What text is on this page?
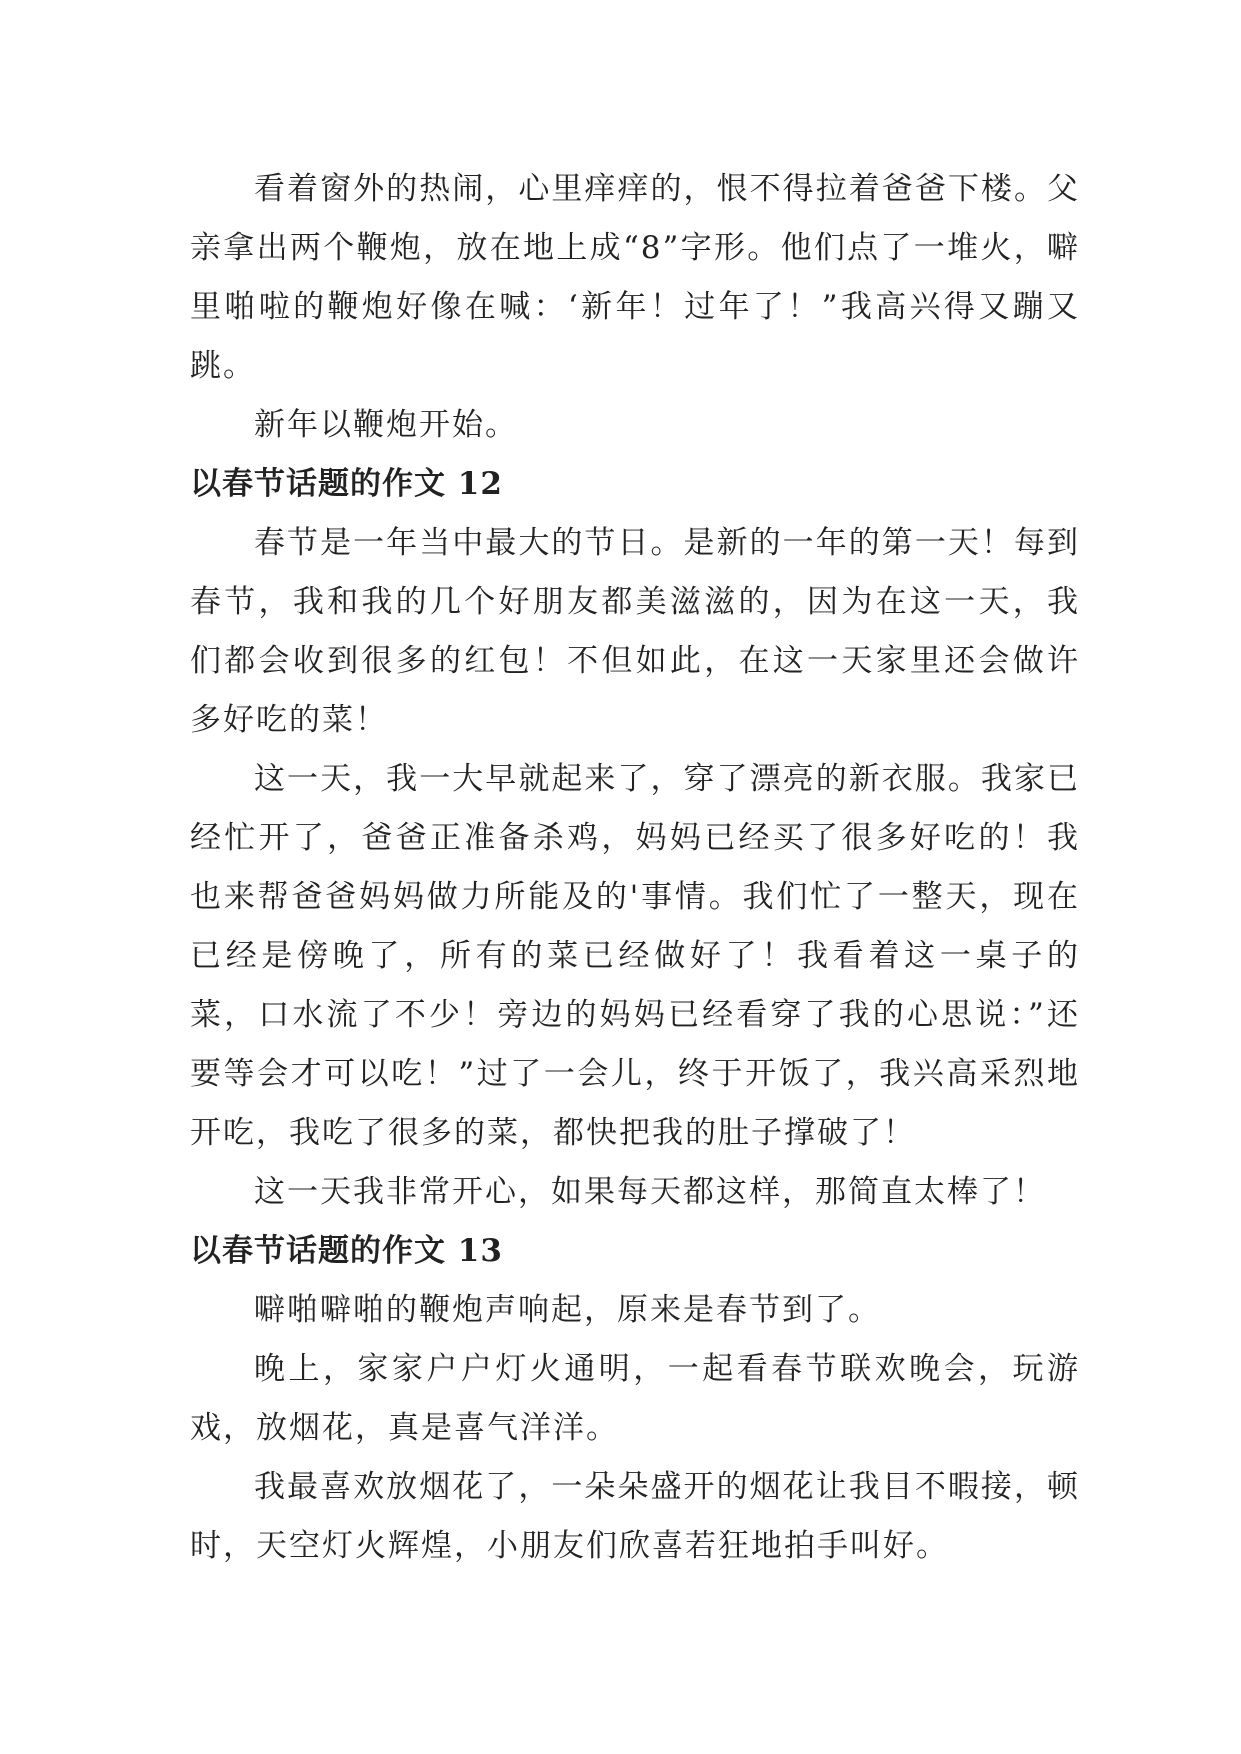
看着窗外的热闹，心里痒痒的，恨不得拉着爸爸下楼。父亲拿出两个鞭炮，放在地上成“8”字形。他们点了一堆火，噼里啪啦的鞭炮好像在喊：‘新年！过年了！”我高兴得又蹦又跳。

新年以鞭炮开始。

以春节话题的作文 12

春节是一年当中最大的节日。是新的一年的第一天！每到春节，我和我的几个好朋友都美滋滋的，因为在这一天，我们都会收到很多的红包！不但如此，在这一天家里还会做许多好吃的菜！

这一天，我一大早就起来了，穿了漂亮的新衣服。我家已经忙开了，爸爸正准备杀鸡，妈妈已经买了很多好吃的！我也来帮爸爸妈妈做力所能及的'事情。我们忙了一整天，现在已经是傍晚了，所有的菜已经做好了！我看着这一桌子的菜，口水流了不少！旁边的妈妈已经看穿了我的心思说：”还要等会才可以吃！”过了一会儿，终于开饭了，我兴高采烈地开吃，我吃了很多的菜，都快把我的肚子撑破了！

这一天我非常开心，如果每天都这样，那简直太棒了！

以春节话题的作文 13

噼啪噼啪的鞭炮声响起，原来是春节到了。

晚上，家家户户灯火通明，一起看春节联欢晚会，玩游戏，放烟花，真是喜气洋洋。

我最喜欢放烟花了，一朵朵盛开的烟花让我目不暇接，顿时，天空灯火辉煌，小朋友们欣喜若狂地拍手叫好。
